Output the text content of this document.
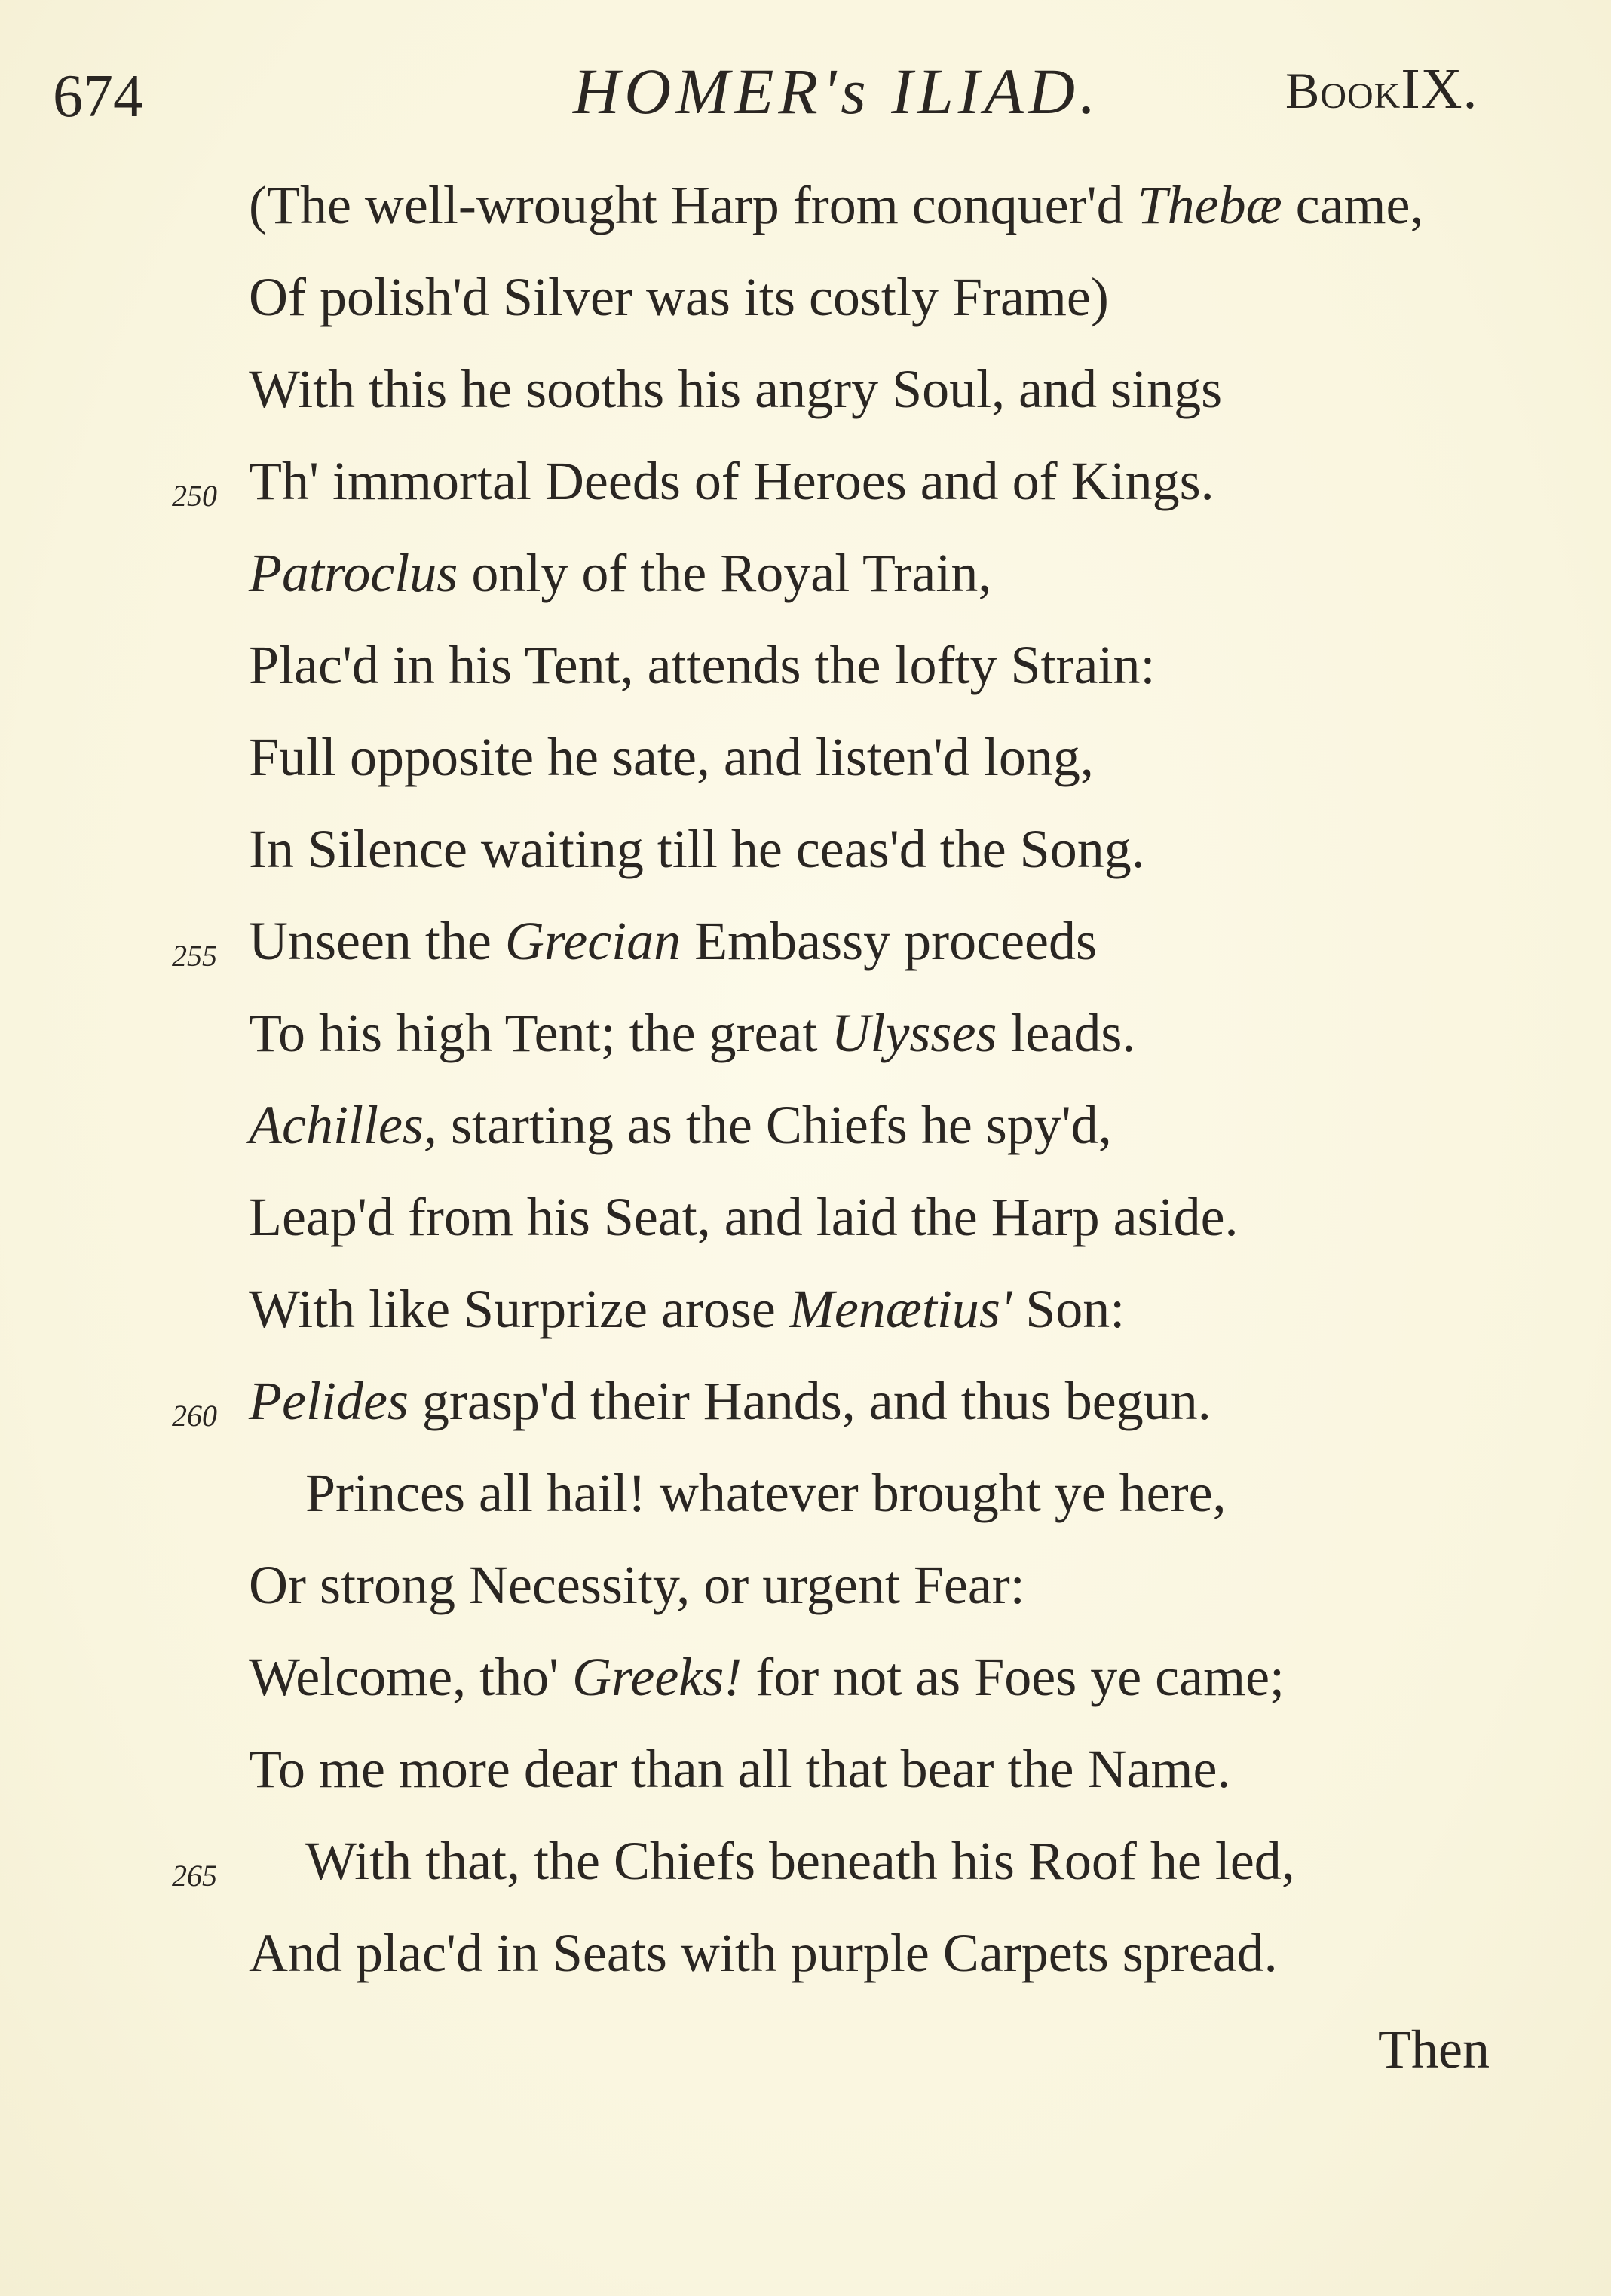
674	HOMER's ILIAD.	BookIX.
(The well-wrought Harp from conquer'd Thebæ came,
Of polish'd Silver was its costly Frame)
With this he sooths his angry Soul, and sings
250 Th' immortal Deeds of Heroes and of Kings.
Patroclus only of the Royal Train,
Plac'd in his Tent, attends the lofty Strain:
Full opposite he sate, and listen'd long,
In Silence waiting till he ceas'd the Song.
255 Unseen the Grecian Embassy proceeds
To his high Tent; the great Ulysses leads.
Achilles, starting as the Chiefs he spy'd,
Leap'd from his Seat, and laid the Harp aside.
With like Surprize arose Menætius' Son:
260 Pelides grasp'd their Hands, and thus begun.
Princes all hail! whatever brought ye here,
Or strong Necessity, or urgent Fear:
Welcome, tho' Greeks! for not as Foes ye came;
To me more dear than all that bear the Name.
265 With that, the Chiefs beneath his Roof he led,
And plac'd in Seats with purple Carpets spread.
Then
